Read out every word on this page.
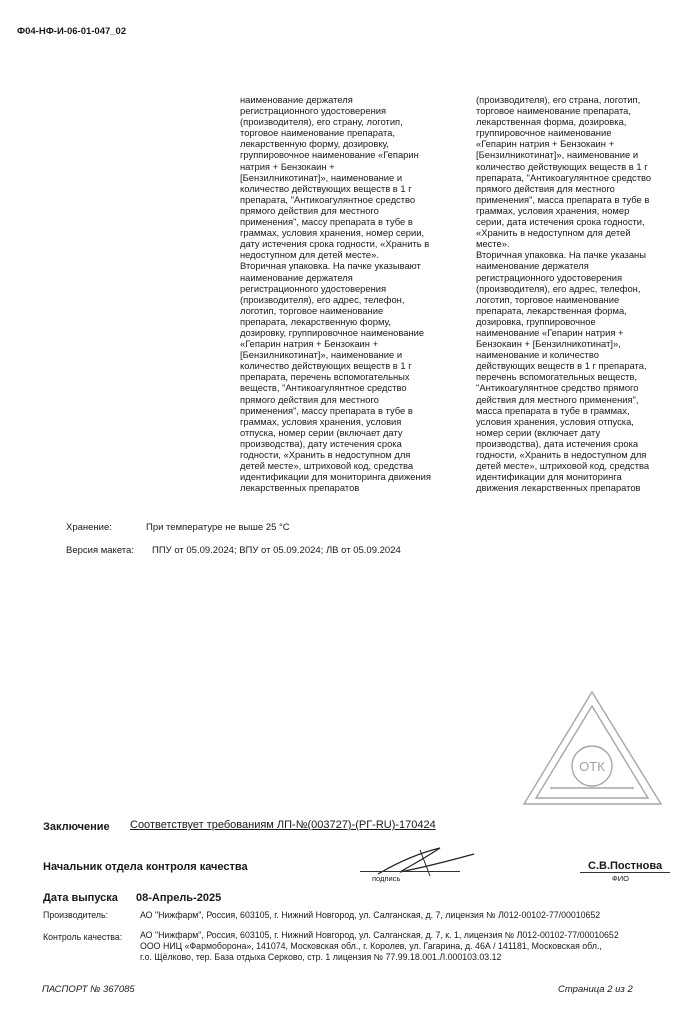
Ф04-НФ-И-06-01-047_02
наименование держателя
регистрационного удостоверения
(производителя), его страну, логотип,
торговое наименование препарата,
лекарственную форму, дозировку,
группировочное наименование «Гепарин
натрия + Бензокаин +
[Бензилникотинат]», наименование и
количество действующих веществ в 1 г
препарата, "Антикоагулянтное средство
прямого действия для местного
применения", массу препарата в тубе в
граммах, условия хранения, номер серии,
дату истечения срока годности, «Хранить в
недоступном для детей месте».
Вторичная упаковка. На пачке указывают
наименование держателя
регистрационного удостоверения
(производителя), его адрес, телефон,
логотип, торговое наименование
препарата, лекарственную форму,
дозировку, группировочное наименование
«Гепарин натрия + Бензокаин +
[Бензилникотинат]», наименование и
количество действующих веществ в 1 г
препарата, перечень вспомогательных
веществ, "Антикоагулянтное средство
прямого действия для местного
применения", массу препарата в тубе в
граммах, условия хранения, условия
отпуска, номер серии (включает дату
производства), дату истечения срока
годности, «Хранить в недоступном для
детей месте», штриховой код, средства
идентификации для мониторинга движения
лекарственных препаратов
(производителя), его страна, логотип,
торговое наименование препарата,
лекарственная форма, дозировка,
группировочное наименование
«Гепарин натрия + Бензокаин +
[Бензилникотинат]», наименование и
количество действующих веществ в 1 г
препарата, "Антикоагулянтное средство
прямого действия для местного
применения", масса препарата в тубе в
граммах, условия хранения, номер
серии, дата истечения срока годности,
«Хранить в недоступном для детей
месте».
Вторичная упаковка. На пачке указаны
наименование держателя
регистрационного удостоверения
(производителя), его адрес, телефон,
логотип, торговое наименование
препарата, лекарственная форма,
дозировка, группировочное
наименование «Гепарин натрия +
Бензокаин + [Бензилникотинат]»,
наименование и количество
действующих веществ в 1 г препарата,
перечень вспомогательных веществ,
"Антикоагулянтное средство прямого
действия для местного применения",
масса препарата в тубе в граммах,
условия хранения, условия отпуска,
номер серии (включает дату
производства), дата истечения срока
годности, «Хранить в недоступном для
детей месте», штриховой код, средства
идентификации для мониторинга
движения лекарственных препаратов
Хранение:	При температуре не выше 25 °С
Версия макета: ППУ от 05.09.2024; ВПУ от 05.09.2024; ЛВ от 05.09.2024
ОТК
Заключение Соответствует требованиям ЛП-№(003727)-(РГ-RU)-170424
Начальник отдела контроля качества
подпись
С.В.Постнова
ФИО
Дата выпуска 08-Апрель-2025
Производитель:	АО "Нижфарм", Россия, 603105, г. Нижний Новгород, ул. Салганская, д. 7, лицензия № Л012-00102-77/00010652
Контроль качества: АО "Нижфарм", Россия, 603105, г. Нижний Новгород, ул. Салганская, д. 7, к. 1, лицензия № Л012-00102-77/00010652
ООО НИЦ «Фармобоpона», 141074, Московская обл., г. Королев, ул. Гагарина, д. 46А / 141181, Московская обл.,
г.о. Щёлково, тер. База отдыха Серково, стр. 1 лицензия № 77.99.18.001.Л.000103.03.12
ПАСПОРТ № 367085	Страница 2 из 2
